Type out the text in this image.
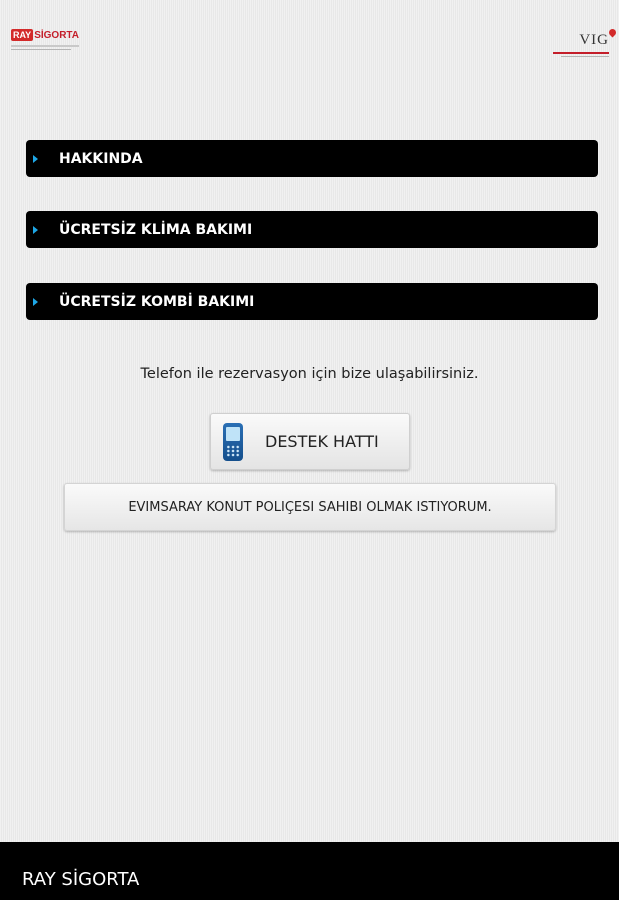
RAY SİGORTA	VIG
HAKKINDA
ÜCRETSİZ KLİMA BAKIMI
ÜCRETSİZ KOMBİ BAKIMI
Telefon ile rezervasyon için bize ulaşabilirsiniz.
DESTEK HATTI
EVIMSARAY KONUT POLIÇESI SAHIBI OLMAK ISTIYORUM.
RAY SİGORTA
